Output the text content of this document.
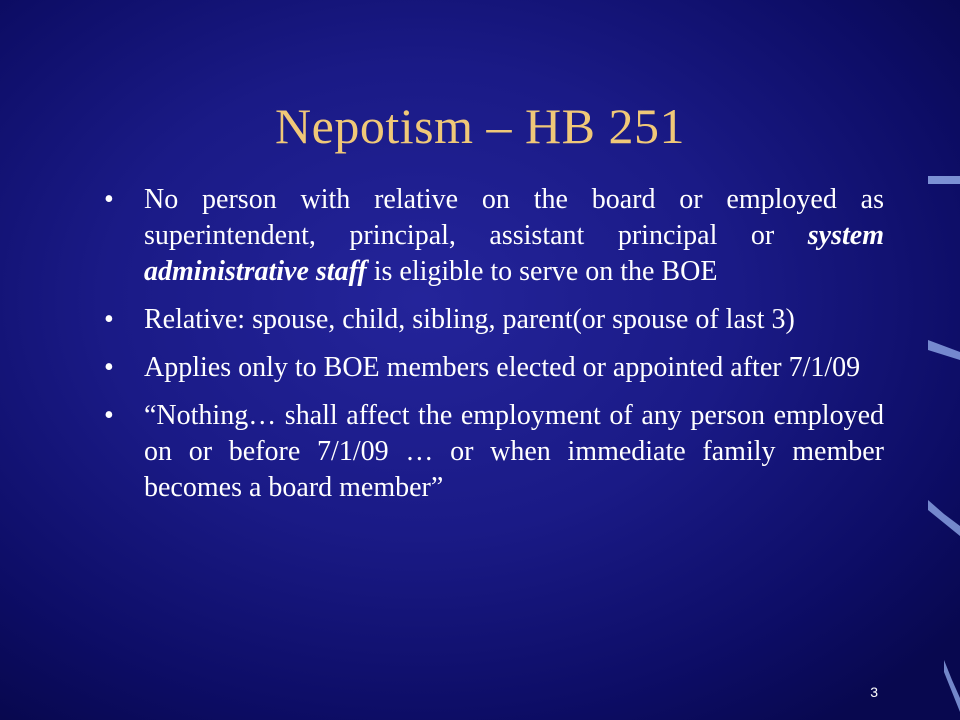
Nepotism – HB 251
•	No person with relative on the board or employed as superintendent, principal, assistant principal or system administrative staff is eligible to serve on the BOE
•	Relative: spouse, child, sibling, parent(or spouse of last 3)
•	Applies only to BOE members elected or appointed after 7/1/09
•	“Nothing… shall affect the employment of any person employed on or before 7/1/09 … or when immediate family member becomes a board member”
3
